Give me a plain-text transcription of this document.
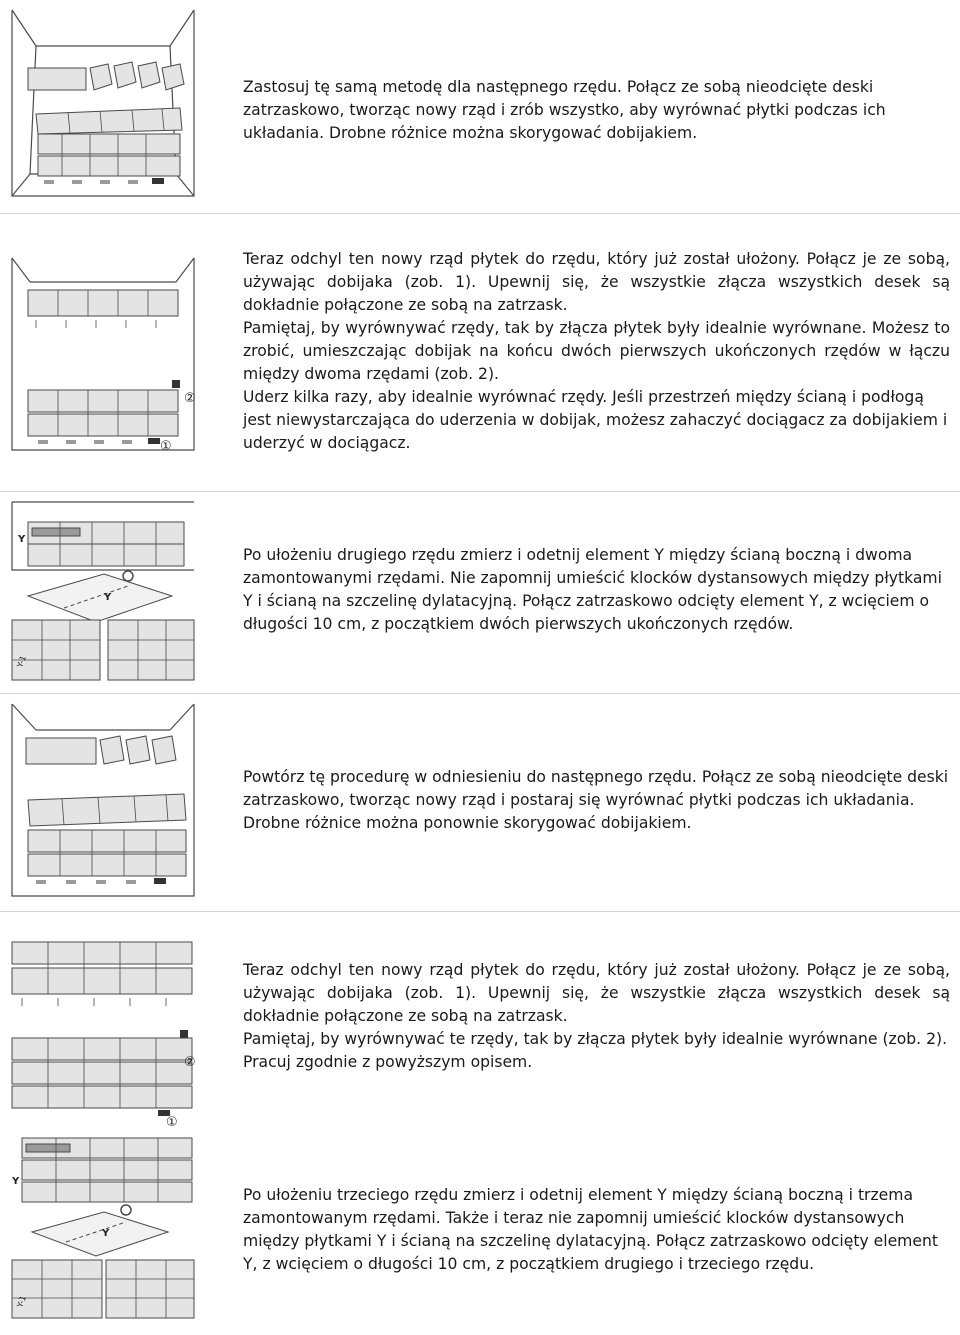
Zastosuj tę samą metodę dla następnego rzędu. Połącz ze sobą nieodcięte deski zatrzaskowo, tworząc nowy rząd i zrób wszystko, aby wyrównać płytki podczas ich układania. Drobne różnice można skorygować dobijakiem.

②
①

Teraz odchyl ten nowy rząd płytek do rzędu, który już został ułożony. Połącz je ze sobą, używając dobijaka (zob. 1). Upewnij się, że wszystkie złącza wszystkich desek są dokładnie połączone ze sobą na zatrzask.

Pamiętaj, by wyrównywać rzędy, tak by złącza płytek były idealnie wyrównane. Możesz to zrobić, umieszczając dobijak na końcu dwóch pierwszych ukończonych rzędów w łączu między dwoma rzędami (zob. 2).

Uderz kilka razy, aby idealnie wyrównać rzędy. Jeśli przestrzeń między ścianą i podłogą jest niewystarczająca do uderzenia w dobijak, możesz zahaczyć dociągacz za dobijakiem i uderzyć w dociągacz.

Y
Y
Y-1

Po ułożeniu drugiego rzędu zmierz i odetnij element Y między ścianą boczną i dwoma zamontowanymi rzędami. Nie zapomnij umieścić klocków dystansowych między płytkami Y i ścianą na szczelinę dylatacyjną. Połącz zatrzaskowo odcięty element Y, z wcięciem o długości 10 cm, z początkiem dwóch pierwszych ukończonych rzędów.

Powtórz tę procedurę w odniesieniu do następnego rzędu. Połącz ze sobą nieodcięte deski zatrzaskowo, tworząc nowy rząd i postaraj się wyrównać płytki podczas ich układania. Drobne różnice można ponownie skorygować dobijakiem.

②
①

Teraz odchyl ten nowy rząd płytek do rzędu, który już został ułożony. Połącz je ze sobą, używając dobijaka (zob. 1). Upewnij się, że wszystkie złącza wszystkich desek są dokładnie połączone ze sobą na zatrzask.

Pamiętaj, by wyrównywać te rzędy, tak by złącza płytek były idealnie wyrównane (zob. 2). Pracuj zgodnie z powyższym opisem.

Y
Y
Y-1

Po ułożeniu trzeciego rzędu zmierz i odetnij element Y między ścianą boczną i trzema zamontowanym rzędami. Także i teraz nie zapomnij umieścić klocków dystansowych między płytkami Y i ścianą na szczelinę dylatacyjną. Połącz zatrzaskowo odcięty element Y, z wcięciem o długości 10 cm, z początkiem drugiego i trzeciego rzędu.
